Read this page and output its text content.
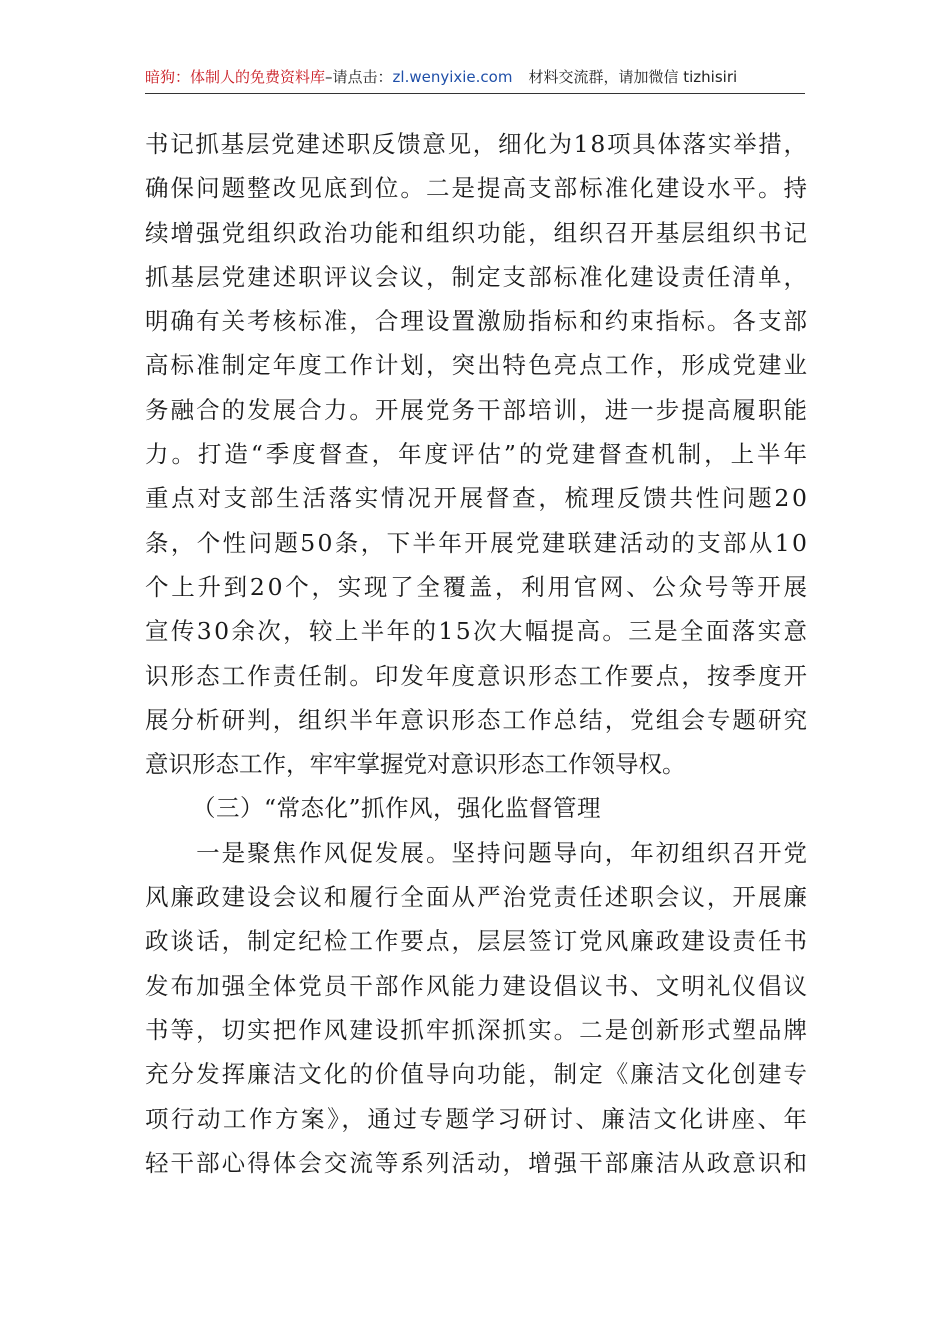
暗狗：体制人的免费资料库–请点击：zl.wenyixie.com 材料交流群，请加微信 tizhisiri
书记抓基层党建述职反馈意见，细化为18项具体落实举措，
确保问题整改见底到位。二是提高支部标准化建设水平。持
续增强党组织政治功能和组织功能，组织召开基层组织书记
抓基层党建述职评议会议，制定支部标准化建设责任清单，
明确有关考核标准，合理设置激励指标和约束指标。各支部
高标准制定年度工作计划，突出特色亮点工作，形成党建业
务融合的发展合力。开展党务干部培训，进一步提高履职能
力。打造“季度督查，年度评估”的党建督查机制，上半年
重点对支部生活落实情况开展督查，梳理反馈共性问题20
条，个性问题50条，下半年开展党建联建活动的支部从10
个上升到20个，实现了全覆盖，利用官网、公众号等开展
宣传30余次，较上半年的15次大幅提高。三是全面落实意
识形态工作责任制。印发年度意识形态工作要点，按季度开
展分析研判，组织半年意识形态工作总结，党组会专题研究
意识形态工作，牢牢掌握党对意识形态工作领导权。
（三）“常态化”抓作风，强化监督管理
　　一是聚焦作风促发展。坚持问题导向，年初组织召开党
风廉政建设会议和履行全面从严治党责任述职会议，开展廉
政谈话，制定纪检工作要点，层层签订党风廉政建设责任书
发布加强全体党员干部作风能力建设倡议书、文明礼仪倡议
书等，切实把作风建设抓牢抓深抓实。二是创新形式塑品牌
充分发挥廉洁文化的价值导向功能，制定《廉洁文化创建专
项行动工作方案》，通过专题学习研讨、廉洁文化讲座、年
轻干部心得体会交流等系列活动，增强干部廉洁从政意识和
